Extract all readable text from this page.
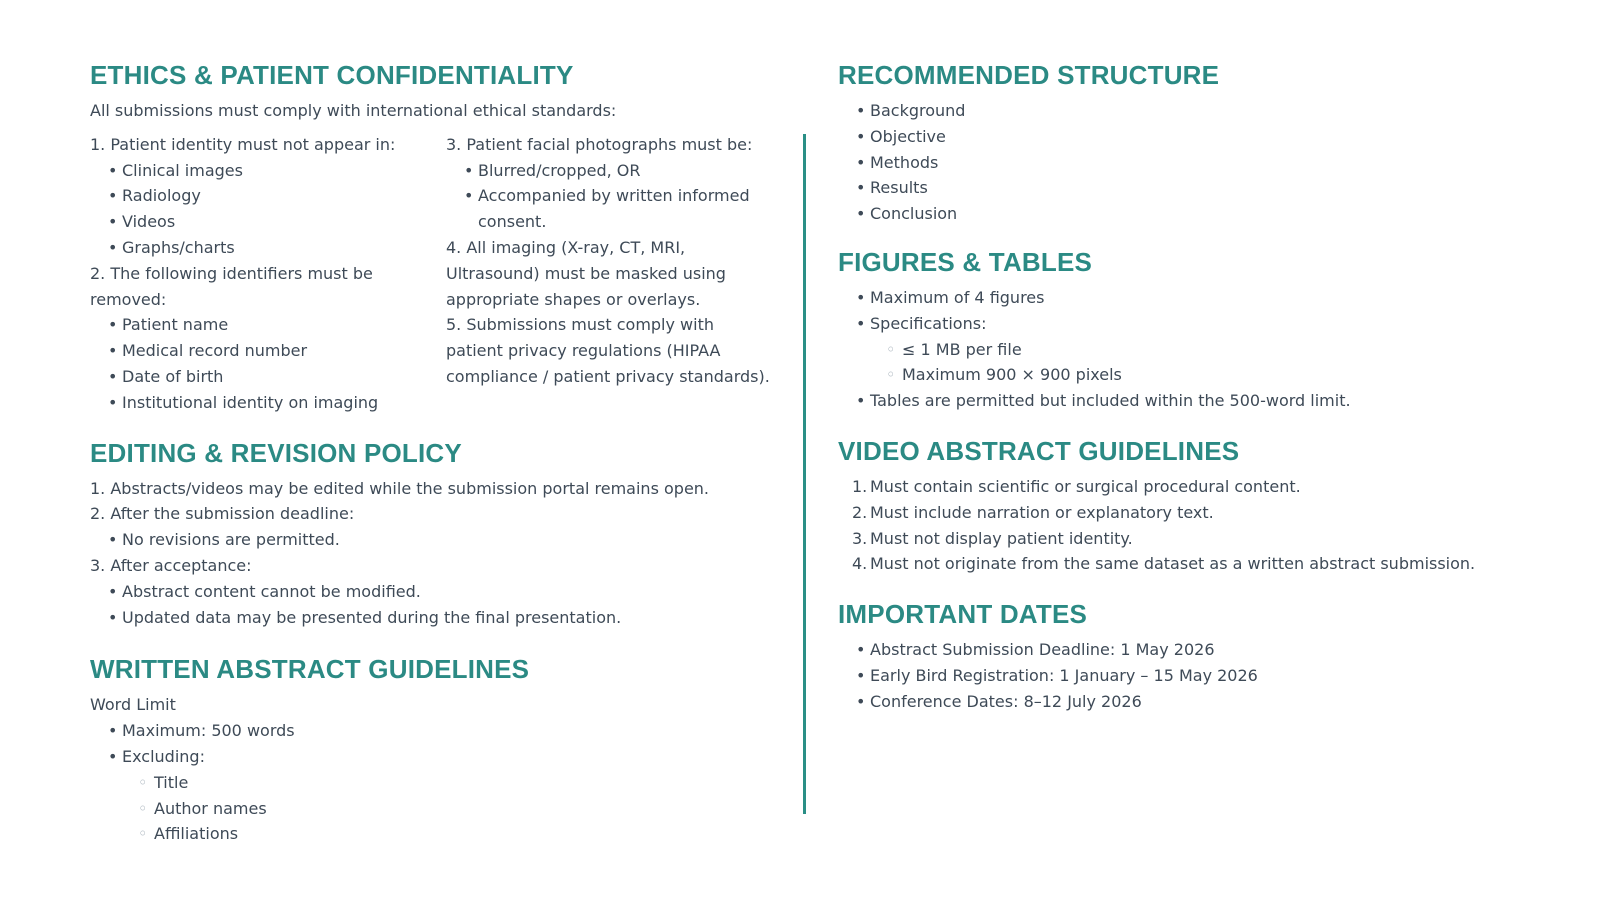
ETHICS & PATIENT CONFIDENTIALITY
All submissions must comply with international ethical standards:
1. Patient identity must not appear in:
• Clinical images
• Radiology
• Videos
• Graphs/charts
2. The following identifiers must be
removed:
• Patient name
• Medical record number
• Date of birth
• Institutional identity on imaging
3. Patient facial photographs must be:
• Blurred/cropped, OR
• Accompanied by written informed
consent.
4. All imaging (X-ray, CT, MRI,
Ultrasound) must be masked using
appropriate shapes or overlays.
5. Submissions must comply with
patient privacy regulations (HIPAA
compliance / patient privacy standards).
EDITING & REVISION POLICY
1. Abstracts/videos may be edited while the submission portal remains open.
2. After the submission deadline:
• No revisions are permitted.
3. After acceptance:
• Abstract content cannot be modified.
• Updated data may be presented during the final presentation.
WRITTEN ABSTRACT GUIDELINES
Word Limit
• Maximum: 500 words
• Excluding:
◦ Title
◦ Author names
◦ Affiliations
RECOMMENDED STRUCTURE
• Background
• Objective
• Methods
• Results
• Conclusion
FIGURES & TABLES
• Maximum of 4 figures
• Specifications:
◦ ≤ 1 MB per file
◦ Maximum 900 × 900 pixels
• Tables are permitted but included within the 500-word limit.
VIDEO ABSTRACT GUIDELINES
1. Must contain scientific or surgical procedural content.
2. Must include narration or explanatory text.
3. Must not display patient identity.
4. Must not originate from the same dataset as a written abstract submission.
IMPORTANT DATES
• Abstract Submission Deadline: 1 May 2026
• Early Bird Registration: 1 January – 15 May 2026
• Conference Dates: 8–12 July 2026
